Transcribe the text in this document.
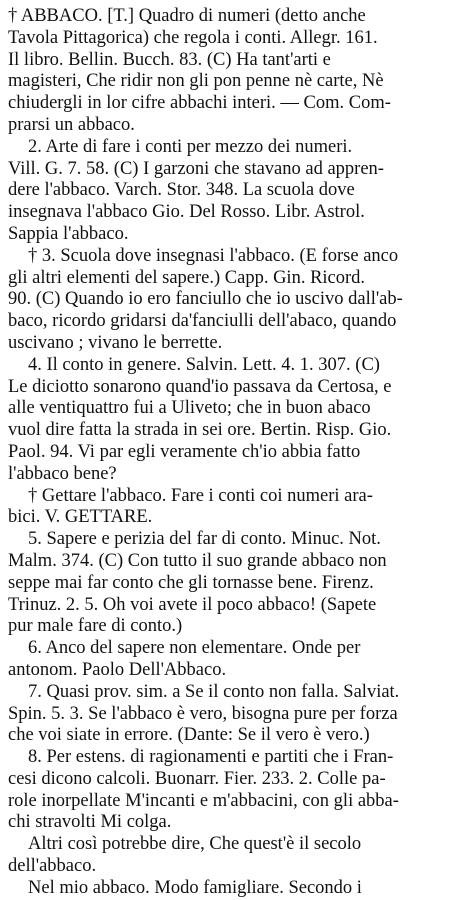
† ABBACO. [T.] Quadro di numeri (detto anche
Tavola Pittagorica) che regola i conti. Allegr. 161.
Il libro. Bellin. Bucch. 83. (C) Ha tant'arti e
magisteri, Che ridir non gli pon penne nè carte, Nè
chiudergli in lor cifre abbachi interi. — Com. Com-
prarsi un abbaco.
2. Arte di fare i conti per mezzo dei numeri.
Vill. G. 7. 58. (C) I garzoni che stavano ad appren-
dere l'abbaco. Varch. Stor. 348. La scuola dove
insegnava l'abbaco Gio. Del Rosso. Libr. Astrol.
Sappia l'abbaco.
† 3. Scuola dove insegnasi l'abbaco. (E forse anco
gli altri elementi del sapere.) Capp. Gin. Ricord.
90. (C) Quando io ero fanciullo che io uscivo dall'ab-
baco, ricordo gridarsi da'fanciulli dell'abaco, quando
uscivano ; vivano le berrette.
4. Il conto in genere. Salvin. Lett. 4. 1. 307. (C)
Le diciotto sonarono quand'io passava da Certosa, e
alle ventiquattro fui a Uliveto; che in buon abaco
vuol dire fatta la strada in sei ore. Bertin. Risp. Gio.
Paol. 94. Vi par egli veramente ch'io abbia fatto
l'abbaco bene?
† Gettare l'abbaco. Fare i conti coi numeri ara-
bici. V. GETTARE.
5. Sapere e perizia del far di conto. Minuc. Not.
Malm. 374. (C) Con tutto il suo grande abbaco non
seppe mai far conto che gli tornasse bene. Firenz.
Trinuz. 2. 5. Oh voi avete il poco abbaco! (Sapete
pur male fare di conto.)
6. Anco del sapere non elementare. Onde per
antonom. Paolo Dell'Abbaco.
7. Quasi prov. sim. a Se il conto non falla. Salviat.
Spin. 5. 3. Se l'abbaco è vero, bisogna pure per forza
che voi siate in errore. (Dante: Se il vero è vero.)
8. Per estens. di ragionamenti e partiti che i Fran-
cesi dicono calcoli. Buonarr. Fier. 233. 2. Colle pa-
role inorpellate M'incanti e m'abbacini, con gli abba-
chi stravolti Mi colga.
Altri così potrebbe dire, Che quest'è il secolo
dell'abbaco.
Nel mio abbaco. Modo famigliare. Secondo i
